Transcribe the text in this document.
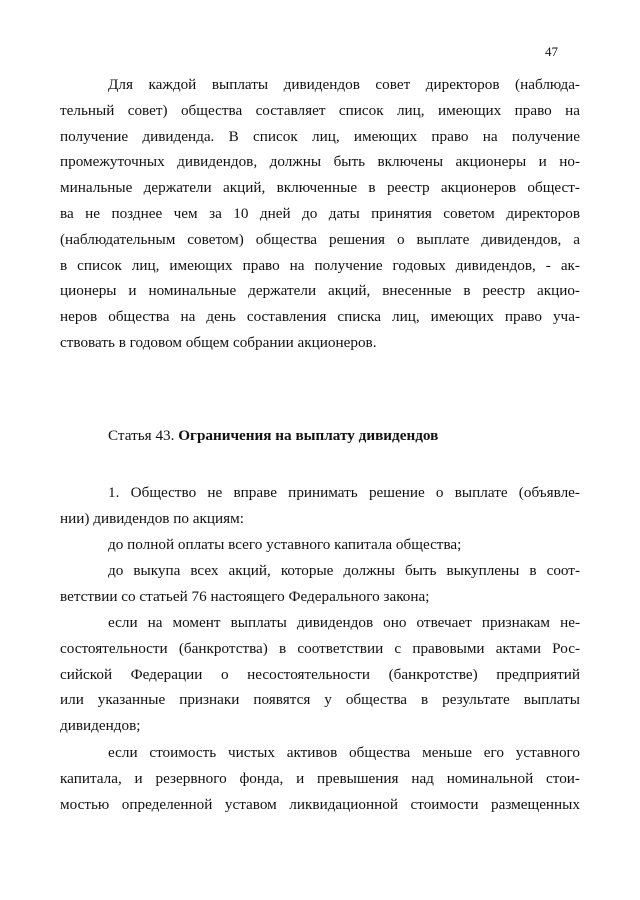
47
Для каждой выплаты дивидендов совет директоров (наблюда-
тельный совет) общества составляет список лиц, имеющих право на
получение дивиденда. В список лиц, имеющих право на получение
промежуточных дивидендов, должны быть включены акционеры и но-
минальные держатели акций, включенные в реестр акционеров общест-
ва не позднее чем за 10 дней до даты принятия советом директоров
(наблюдательным советом) общества решения о выплате дивидендов, а
в список лиц, имеющих право на получение годовых дивидендов, - ак-
ционеры и номинальные держатели акций, внесенные в реестр акцио-
неров общества на день составления списка лиц, имеющих право уча-
ствовать в годовом общем собрании акционеров.
Статья 43. Ограничения на выплату дивидендов
1. Общество не вправе принимать решение о выплате (объявле-
нии) дивидендов по акциям:
до полной оплаты всего уставного капитала общества;
до выкупа всех акций, которые должны быть выкуплены в соот-
ветствии со статьей 76 настоящего Федерального закона;
если на момент выплаты дивидендов оно отвечает признакам не-
состоятельности (банкротства) в соответствии с правовыми актами Рос-
сийской Федерации о несостоятельности (банкротстве) предприятий
или указанные признаки появятся у общества в результате выплаты
дивидендов;
если стоимость чистых активов общества меньше его уставного
капитала, и резервного фонда, и превышения над номинальной стои-
мостью определенной уставом ликвидационной стоимости размещенных
